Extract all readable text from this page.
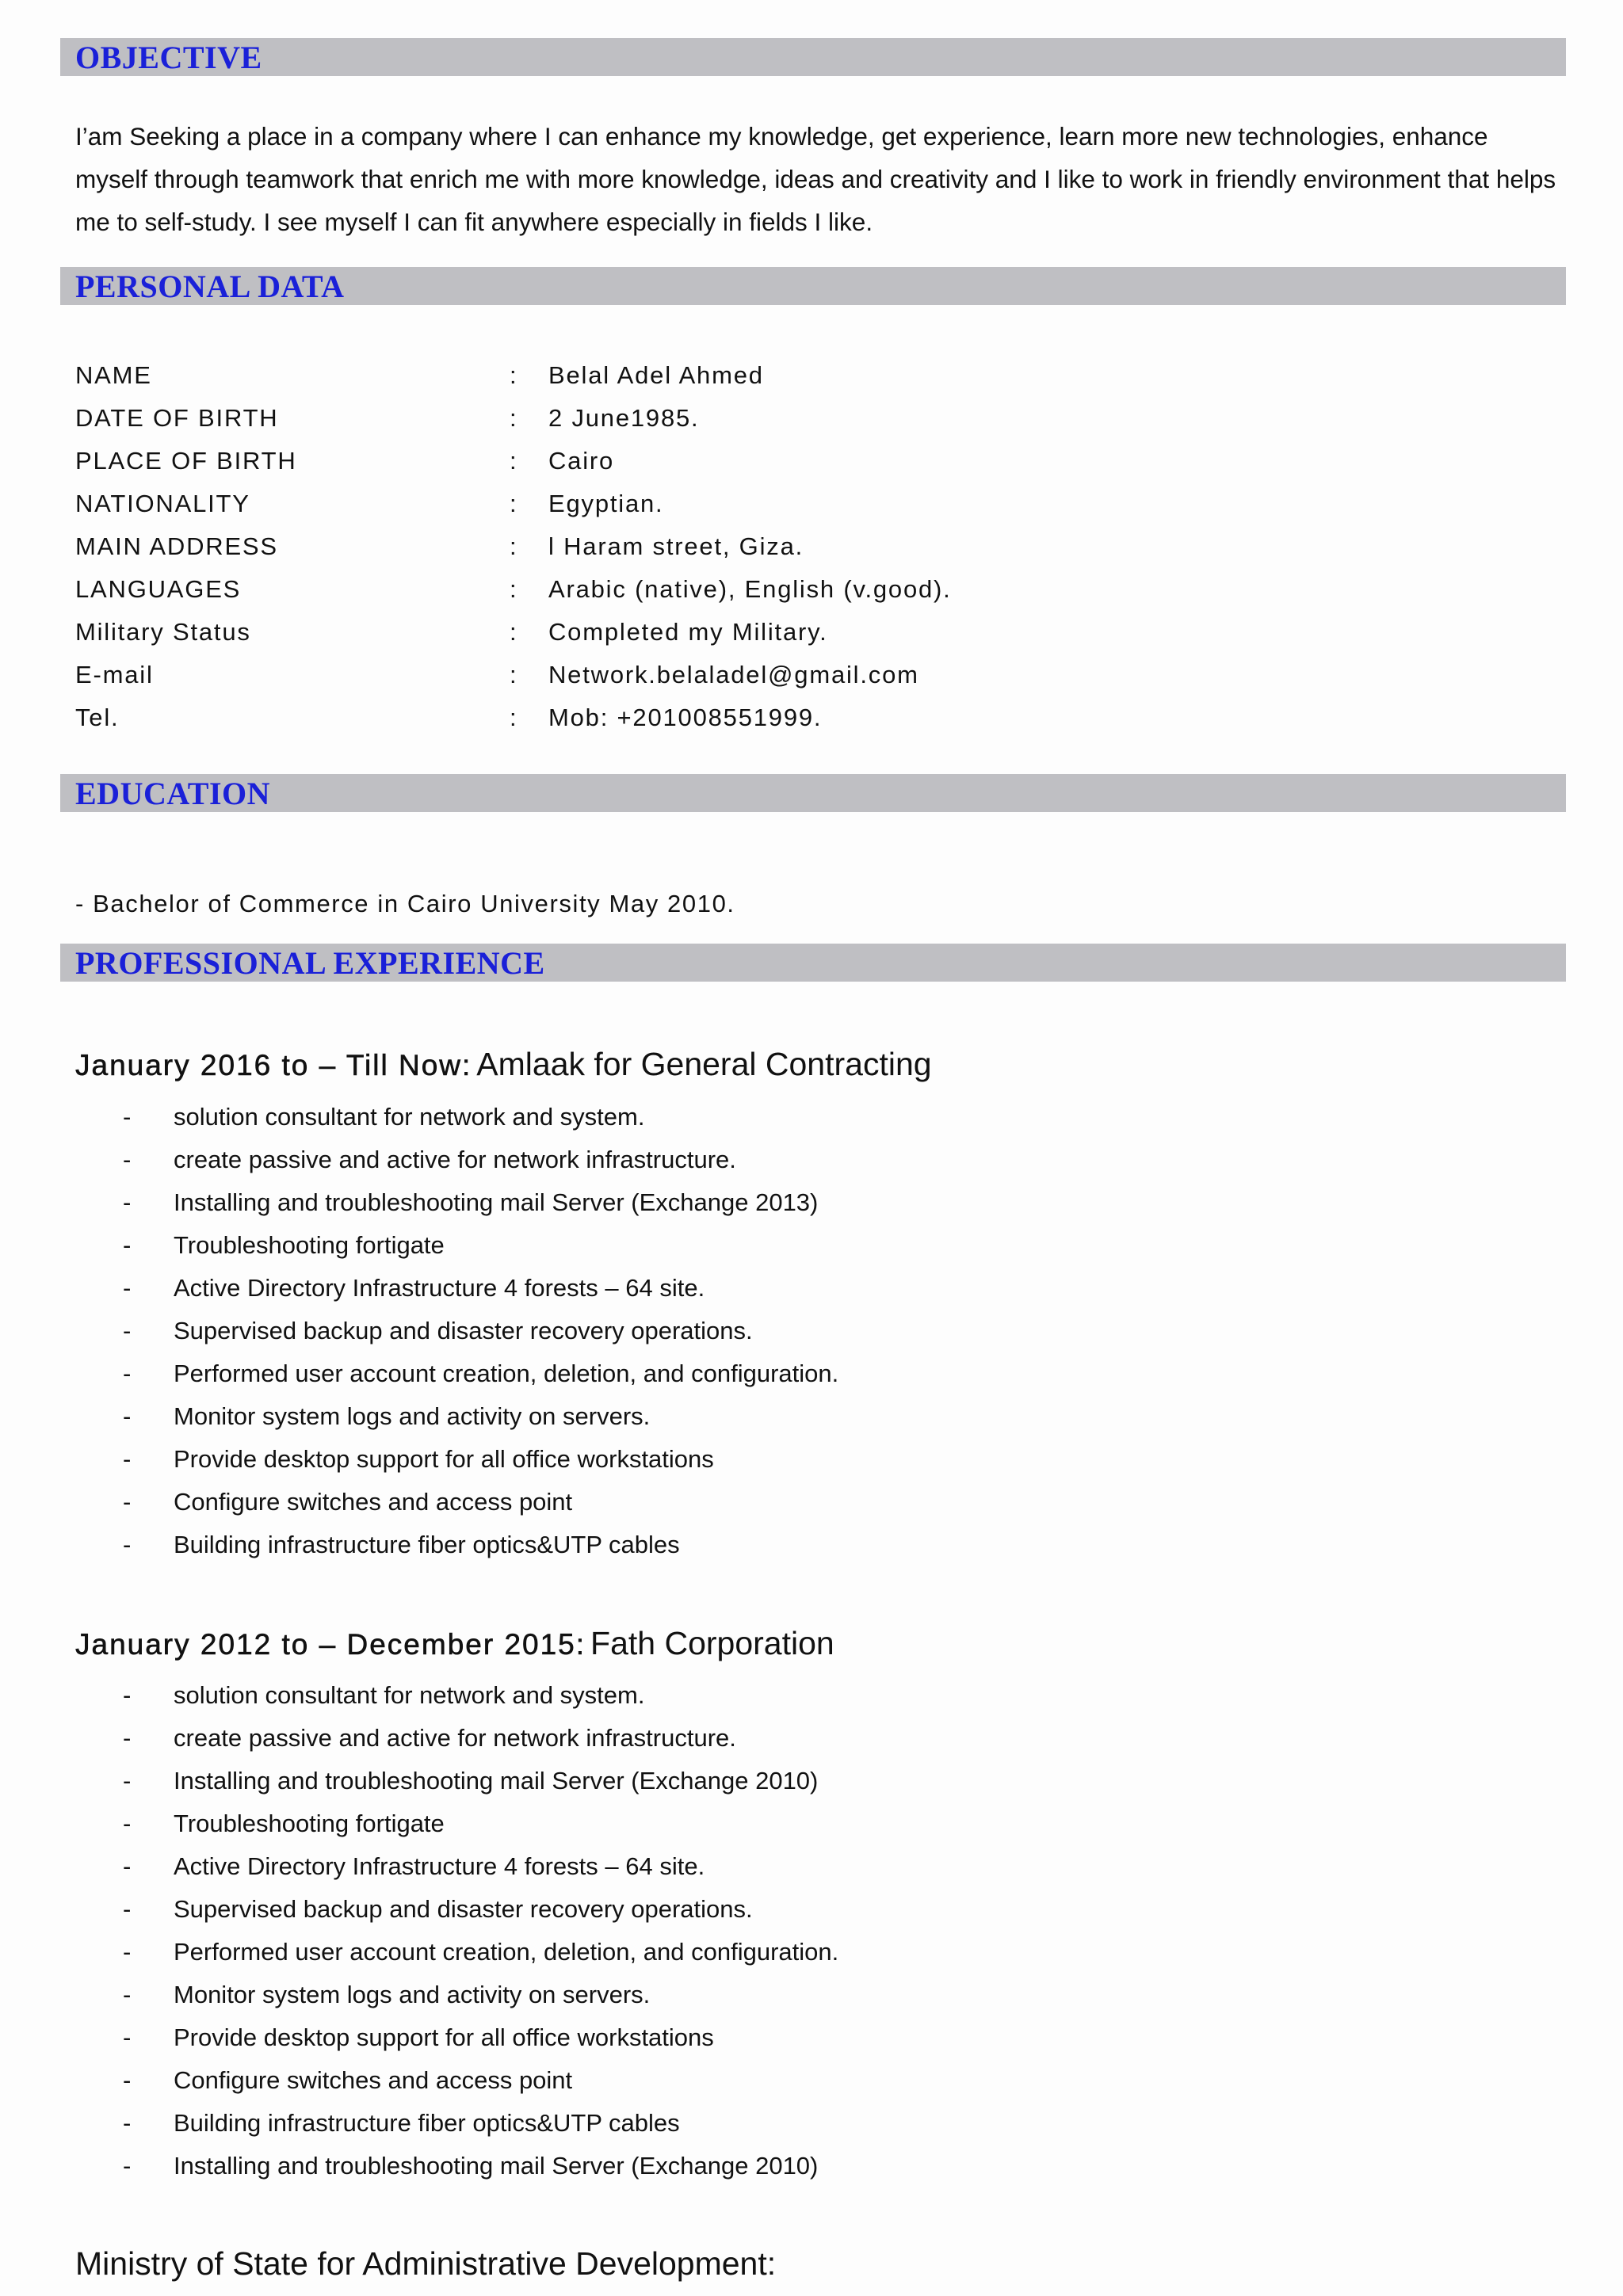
OBJECTIVE
I’am Seeking a place in a company where I can enhance my knowledge, get experience, learn more new technologies, enhance myself through teamwork that enrich me with more knowledge, ideas and creativity and I like to work in friendly environment that helps me to self-study. I see myself I can fit anywhere especially in fields I like.
PERSONAL DATA
NAME	: Belal Adel Ahmed
DATE OF BIRTH	: 2 June1985.
PLACE OF BIRTH	: Cairo
NATIONALITY	: Egyptian.
MAIN ADDRESS	: l Haram street, Giza.
LANGUAGES	: Arabic (native), English (v.good).
Military Status	: Completed my Military.
E-mail	: Network.belaladel@gmail.com
Tel.	: Mob: +201008551999.
EDUCATION
- Bachelor of Commerce in Cairo University May 2010.
PROFESSIONAL EXPERIENCE
January 2016 to – Till Now: Amlaak for General Contracting
- solution consultant for network and system.
- create passive and active for network infrastructure.
- Installing and troubleshooting mail Server (Exchange 2013)
- Troubleshooting fortigate
- Active Directory Infrastructure 4 forests – 64 site.
- Supervised backup and disaster recovery operations.
- Performed user account creation, deletion, and configuration.
- Monitor system logs and activity on servers.
- Provide desktop support for all office workstations
- Configure switches and access point
- Building infrastructure fiber optics&UTP cables
January 2012 to – December 2015: Fath Corporation
- solution consultant for network and system.
- create passive and active for network infrastructure.
- Installing and troubleshooting mail Server (Exchange 2010)
- Troubleshooting fortigate
- Active Directory Infrastructure 4 forests – 64 site.
- Supervised backup and disaster recovery operations.
- Performed user account creation, deletion, and configuration.
- Monitor system logs and activity on servers.
- Provide desktop support for all office workstations
- Configure switches and access point
- Building infrastructure fiber optics&UTP cables
- Installing and troubleshooting mail Server (Exchange 2010)
Ministry of State for Administrative Development:
